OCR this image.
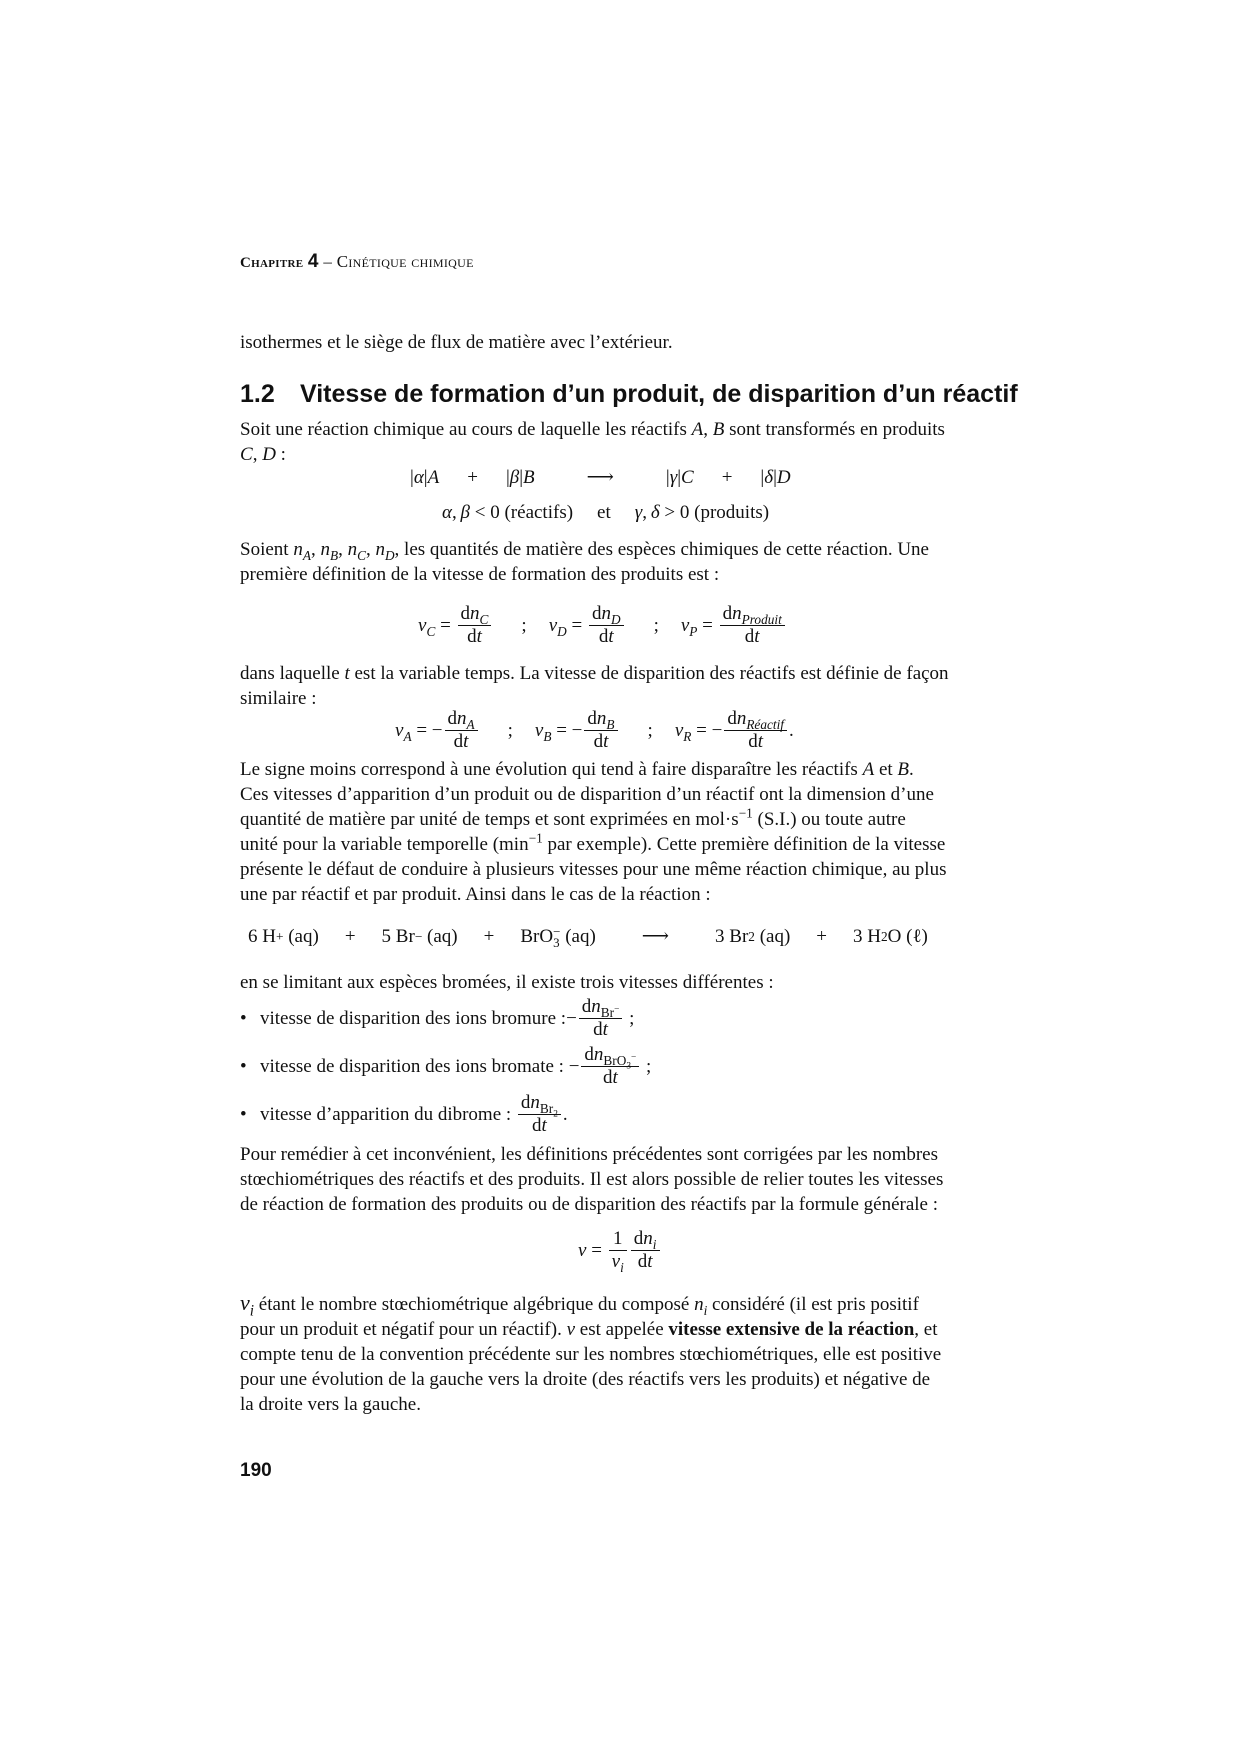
Chapitre 4 – Cinétique chimique
isothermes et le siège de flux de matière avec l’extérieur.
1.2 Vitesse de formation d’un produit, de disparition d’un réactif
Soit une réaction chimique au cours de laquelle les réactifs A, B sont transformés en produits
C, D :
| α | A + | β | B	⟶	| γ | C + | δ | D
α ,  β
< 0 (réactifs) et γ ,  δ
> 0 (produits)
Soient $n_A$, $n_B$, $n_C$, $n_D$, les quantités de matière des espèces chimiques de cette réaction. Une
première définition de la vitesse de formation des produits est :
$v_C = \frac{dn_C}{dt}$ ; $v_D = \frac{dn_D}{dt}$ ; $v_P = \frac{dn_{Produit}}{dt}$
dans laquelle t est la variable temps. La vitesse de disparition des réactifs est définie de façon
similaire :
$v_A$ = − $\frac{dn_A}{dt}$ ; $v_B$ = − $\frac{dn_B}{dt}$ ; $v_R$ = − $\frac{dn_{Réactif}}{dt}$ .
Le signe moins correspond à une évolution qui tend à faire disparaître les réactifs A et B.
Ces vitesses d’apparition d’un produit ou de disparition d’un réactif ont la dimension d’une
quantité de matière par unité de temps et sont exprimées en $mol\cdot s^{-1}$ (S.I.) ou toute autre
unité pour la variable temporelle ($\min^{-1}$ par exemple). Cette première définition de la vitesse
présente le défaut de conduire à plusieurs vitesses pour une même réaction chimique, au plus
une par réactif et par produit. Ainsi dans le cas de la réaction :
6 H +
(aq) + 5 Br −
(aq) + BrO −
3
(aq) ⟶ 3 Br 2
(aq) + 3 H 2 O
(ℓ)
en se limitant aux espèces bromées, il existe trois vitesses différentes :
• vitesse de disparition des ions bromure : − $\frac{dn_{Br^-}}{dt}$
;
• vitesse de disparition des ions bromate : − $\frac{dn_{BrO_3^-}}{dt}$
;
• vitesse d’apparition du dibrome :
$\frac{dn_{Br_2}}{dt}$ .
Pour remédier à cet inconvénient, les définitions précédentes sont corrigées par les nombres
stœchiométriques des réactifs et des produits. Il est alors possible de relier toutes les vitesses
de réaction de formation des produits ou de disparition des réactifs par la formule générale :
$v = \frac{1}{\nu_i} \frac{dn_i}{dt}$
$\nu_i$ étant le nombre stœchiométrique algébrique du composé $n_i$ considéré (il est pris positif
pour un produit et négatif pour un réactif). v est appelée vitesse extensive de la réaction, et
compte tenu de la convention précédente sur les nombres stœchiométriques, elle est positive
pour une évolution de la gauche vers la droite (des réactifs vers les produits) et négative de
la droite vers la gauche.
190
